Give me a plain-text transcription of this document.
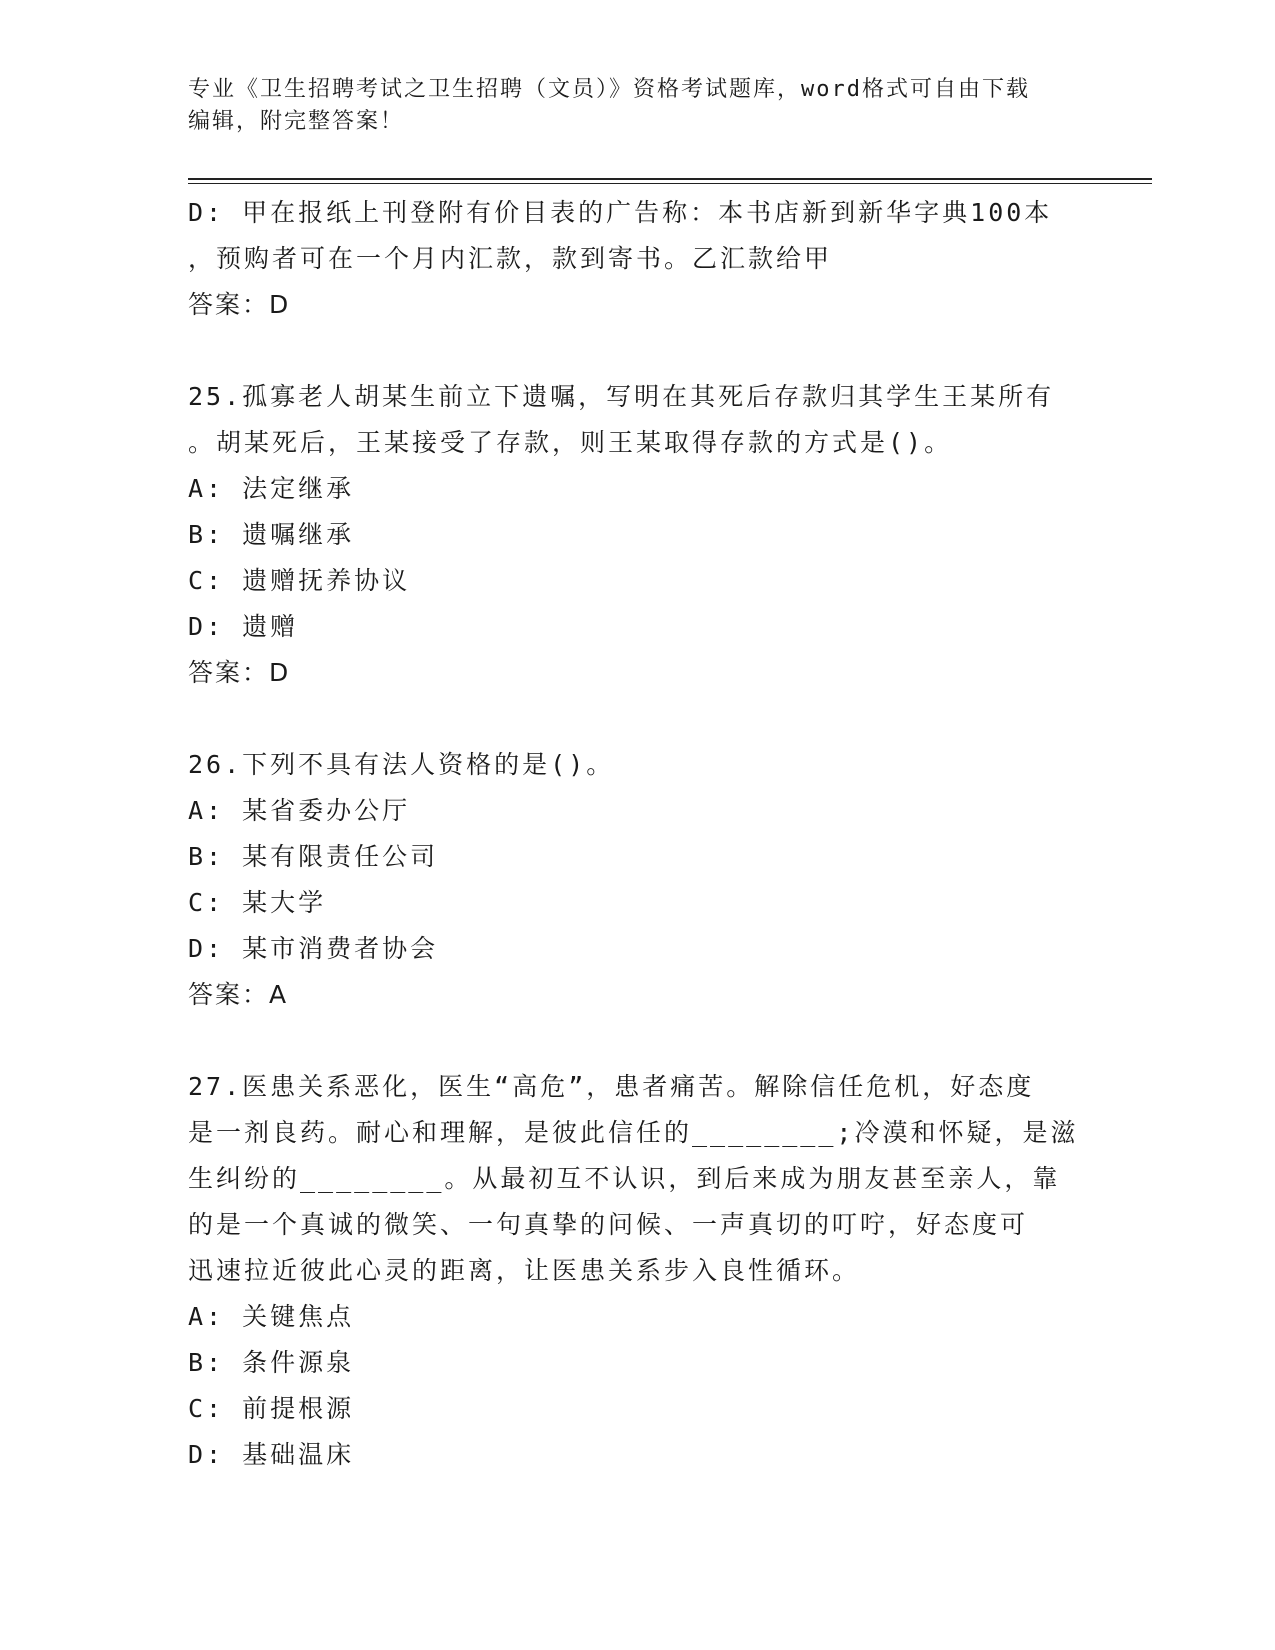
专业《卫生招聘考试之卫生招聘（文员）》资格考试题库，word格式可自由下载
编辑，附完整答案！
D: 甲在报纸上刊登附有价目表的广告称：本书店新到新华字典100本
，预购者可在一个月内汇款，款到寄书。乙汇款给甲
答案：D
25.孤寡老人胡某生前立下遗嘱，写明在其死后存款归其学生王某所有
。胡某死后，王某接受了存款，则王某取得存款的方式是()。
A: 法定继承
B: 遗嘱继承
C: 遗赠抚养协议
D: 遗赠
答案：D
26.下列不具有法人资格的是()。
A: 某省委办公厅
B: 某有限责任公司
C: 某大学
D: 某市消费者协会
答案：A
27.医患关系恶化，医生“高危”，患者痛苦。解除信任危机，好态度
是一剂良药。耐心和理解，是彼此信任的________;冷漠和怀疑，是滋
生纠纷的________。从最初互不认识，到后来成为朋友甚至亲人，靠
的是一个真诚的微笑、一句真挚的问候、一声真切的叮咛，好态度可
迅速拉近彼此心灵的距离，让医患关系步入良性循环。
A: 关键焦点
B: 条件源泉
C: 前提根源
D: 基础温床
